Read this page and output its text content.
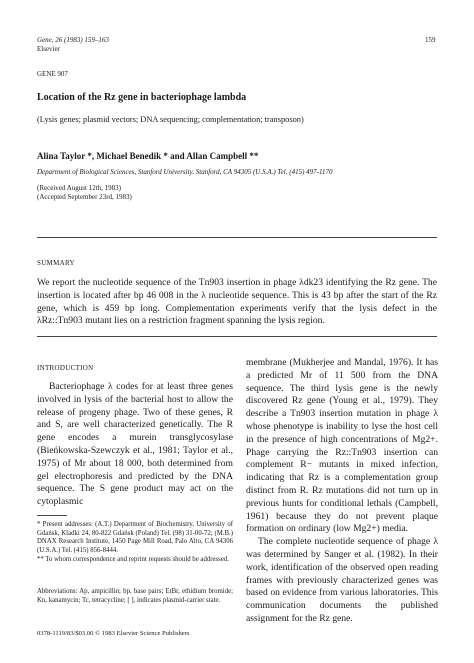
Gene, 26 (1983) 159–163
Elsevier
159
GENE 907
Location of the Rz gene in bacteriophage lambda
(Lysis genes; plasmid vectors; DNA sequencing; complementation; transposon)
Alina Taylor *, Michael Benedik * and Allan Campbell **
Department of Biological Sciences, Stanford University, Stanford, CA 94305 (U.S.A.) Tel. (415) 497-1170
(Received August 12th, 1983)
(Accepted September 23rd, 1983)
SUMMARY
We report the nucleotide sequence of the Tn903 insertion in phage λdk23 identifying the Rz gene. The insertion is located after bp 46 008 in the λ nucleotide sequence. This is 43 bp after the start of the Rz gene, which is 459 bp long. Complementation experiments verify that the lysis defect in the λRz::Tn903 mutant lies on a restriction fragment spanning the lysis region.
INTRODUCTION

Bacteriophage λ codes for at least three genes involved in lysis of the bacterial host to allow the release of progeny phage. Two of these genes, R and S, are well characterized genetically. The R gene encodes a murein transglycosylase (Bieńkowska-Szewczyk et al., 1981; Taylor et al., 1975) of Mr about 18 000, both determined from gel electrophoresis and predicted by the DNA sequence. The S gene product may act on the cytoplasmic

membrane (Mukherjee and Mandal, 1976). It has a predicted Mr of 11 500 from the DNA sequence. The third lysis gene is the newly discovered Rz gene (Young et al., 1979). They describe a Tn903 insertion mutation in phage λ whose phenotype is inability to lyse the host cell in the presence of high concentrations of Mg2+. Phage carrying the Rz::Tn903 insertion can complement R− mutants in mixed infection, indicating that Rz is a complementation group distinct from R. Rz mutations did not turn up in previous hunts for conditional lethals (Campbell, 1961) because they do not prevent plaque formation on ordinary (low Mg2+) media.

The complete nucleotide sequence of phage λ was determined by Sanger et al. (1982). In their work, identification of the observed open reading frames with previously characterized genes was based on evidence from various laboratories. This communication documents the published assignment for the Rz gene.

* Present addresses: (A.T.) Department of Biochemistry, University of Gdańsk, Kladki 24, 80-822 Gdańsk (Poland) Tel. (98) 31-00-72; (M.B.) DNAX Research Institute, 1450 Page Mill Road, Palo Alto, CA 94306 (U.S.A.) Tel. (415) 856-8444.

** To whom correspondence and reprint requests should be addressed.

Abbreviations: Ap, ampicillin; bp, base pairs; EtBr, ethidium bromide; Kn, kanamycin; Tc, tetracycline; [ ], indicates plasmid-carrier state.
0378-1119/83/$03.00 © 1983 Elsevier Science Publishers
